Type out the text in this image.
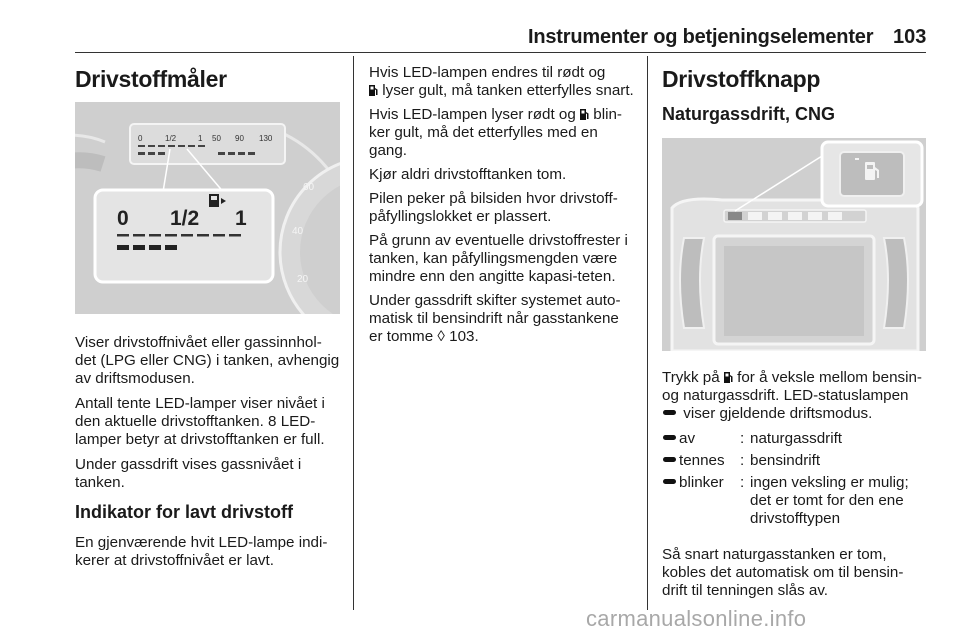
Instrumenter og betjeningselementer 103
Drivstoffmåler
20
40
60
0	1/2	1 50 90 130
0 1/2 1

Viser drivstoffnivået eller gassinnhol-det (LPG eller CNG) i tanken, avhengig av driftsmodusen.

Antall tente LED-lamper viser nivået i den aktuelle drivstofftanken. 8 LED-lamper betyr at drivstofftanken er full.

Under gassdrift vises gassnivået i tanken.

Indikator for lavt drivstoff

En gjenværende hvit LED-lampe indi-kerer at drivstoffnivået er lavt.

Hvis LED-lampen endres til rødt og
lyser gult, må tanken etterfylles snart.

Hvis LED-lampen lyser rødt og blin-ker gult, må det etterfylles med en gang.

Kjør aldri drivstofftanken tom.

Pilen peker på bilsiden hvor drivstoff-påfyllingslokket er plassert.

På grunn av eventuelle drivstoffrester i tanken, kan påfyllingsmengden være mindre enn den angitte kapasi-teten.

Under gassdrift skifter systemet auto-matisk til bensindrift når gasstankene er tomme ◊ 103.

Drivstoffknapp
Naturgassdrift, CNG

Trykk på for å veksle mellom bensin- og naturgassdrift. LED-statuslampen  viser gjeldende driftsmodus.

av	:	naturgassdrift
tennes	:	bensindrift
blinker	:	ingen veksling er mulig; det er tomt for den ene drivstofftypen

Så snart naturgasstanken er tom, kobles det automatisk om til bensin-drift til tenningen slås av.

carmanualsonline.info
